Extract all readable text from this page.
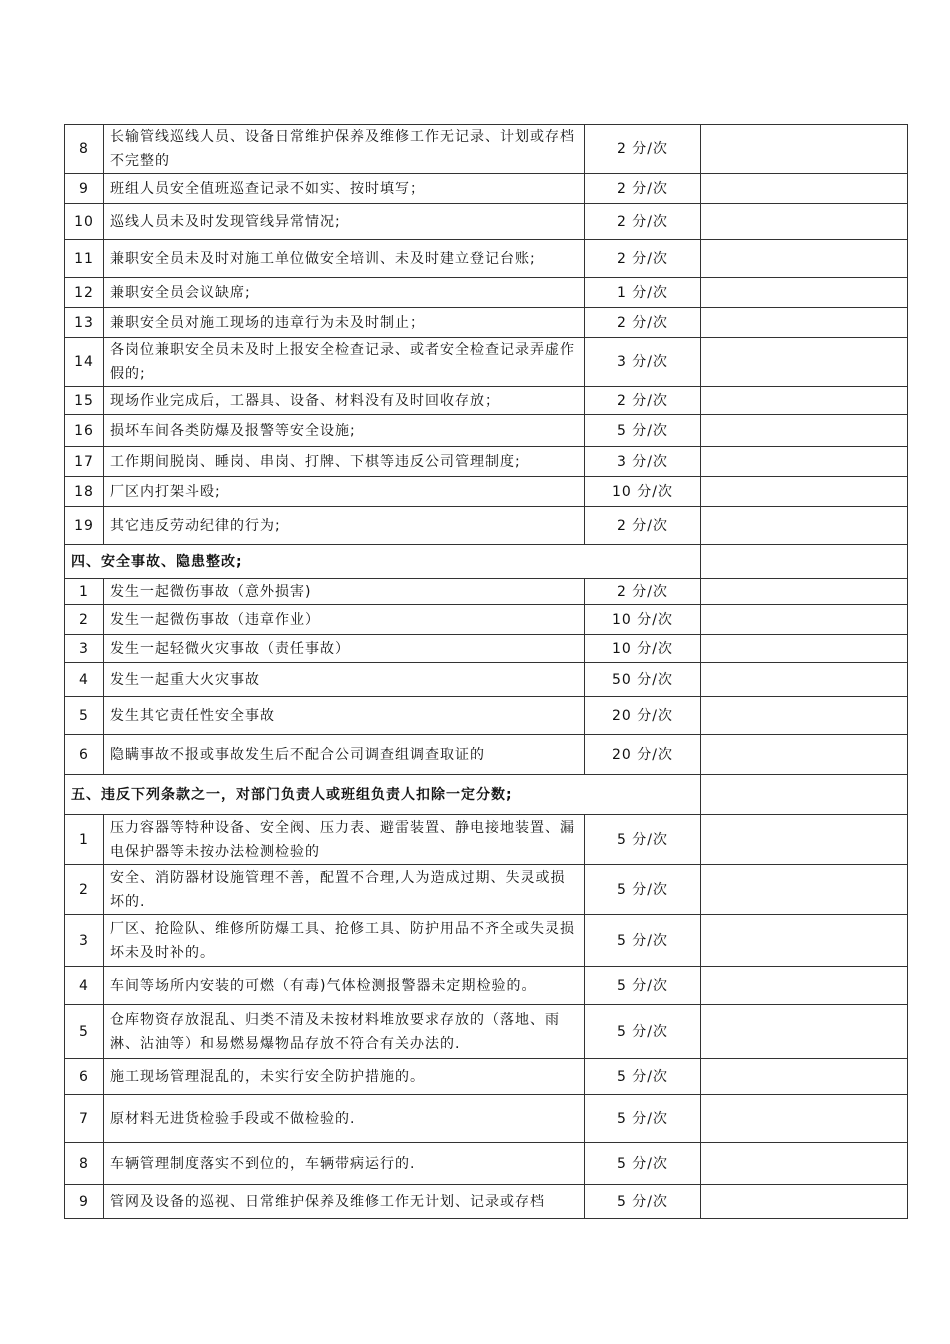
8	长输管线巡线人员、设备日常维护保养及维修工作无记录、计划或存档不完整的	2 分/次	
9	班组人员安全值班巡查记录不如实、按时填写；	2 分/次	
10	巡线人员未及时发现管线异常情况;	2 分/次	
11	兼职安全员未及时对施工单位做安全培训、未及时建立登记台账;	2 分/次	
12	兼职安全员会议缺席;	1 分/次	
13	兼职安全员对施工现场的违章行为未及时制止；	2 分/次	
14	各岗位兼职安全员未及时上报安全检查记录、或者安全检查记录弄虚作假的;	3 分/次	
15	现场作业完成后，工器具、设备、材料没有及时回收存放；	2 分/次	
16	损坏车间各类防爆及报警等安全设施;	5 分/次	
17	工作期间脱岗、睡岗、串岗、打牌、下棋等违反公司管理制度;	3 分/次	
18	厂区内打架斗殴;	10 分/次	
19	其它违反劳动纪律的行为;	2 分/次	
四、安全事故、隐患整改;			
1	发生一起微伤事故（意外损害)	2 分/次	
2	发生一起微伤事故（违章作业）	10 分/次	
3	发生一起轻微火灾事故（责任事故）	10 分/次	
4	发生一起重大火灾事故	50 分/次	
5	发生其它责任性安全事故	20 分/次	
6	隐瞒事故不报或事故发生后不配合公司调查组调查取证的	20 分/次	
五、违反下列条款之一，对部门负责人或班组负责人扣除一定分数;			
1	压力容器等特种设备、安全阀、压力表、避雷装置、静电接地装置、漏电保护器等未按办法检测检验的	5 分/次	
2	安全、消防器材设施管理不善，配置不合理,人为造成过期、失灵或损坏的.	5 分/次	
3	厂区、抢险队、维修所防爆工具、抢修工具、防护用品不齐全或失灵损坏未及时补的。	5 分/次	
4	车间等场所内安装的可燃（有毒)气体检测报警器未定期检验的。	5 分/次	
5	仓库物资存放混乱、归类不清及未按材料堆放要求存放的（落地、雨淋、沾油等）和易燃易爆物品存放不符合有关办法的.	5 分/次	
6	施工现场管理混乱的，未实行安全防护措施的。	5 分/次	
7	原材料无进货检验手段或不做检验的.	5 分/次	
8	车辆管理制度落实不到位的，车辆带病运行的.	5 分/次	
9	管网及设备的巡视、日常维护保养及维修工作无计划、记录或存档	5 分/次	
